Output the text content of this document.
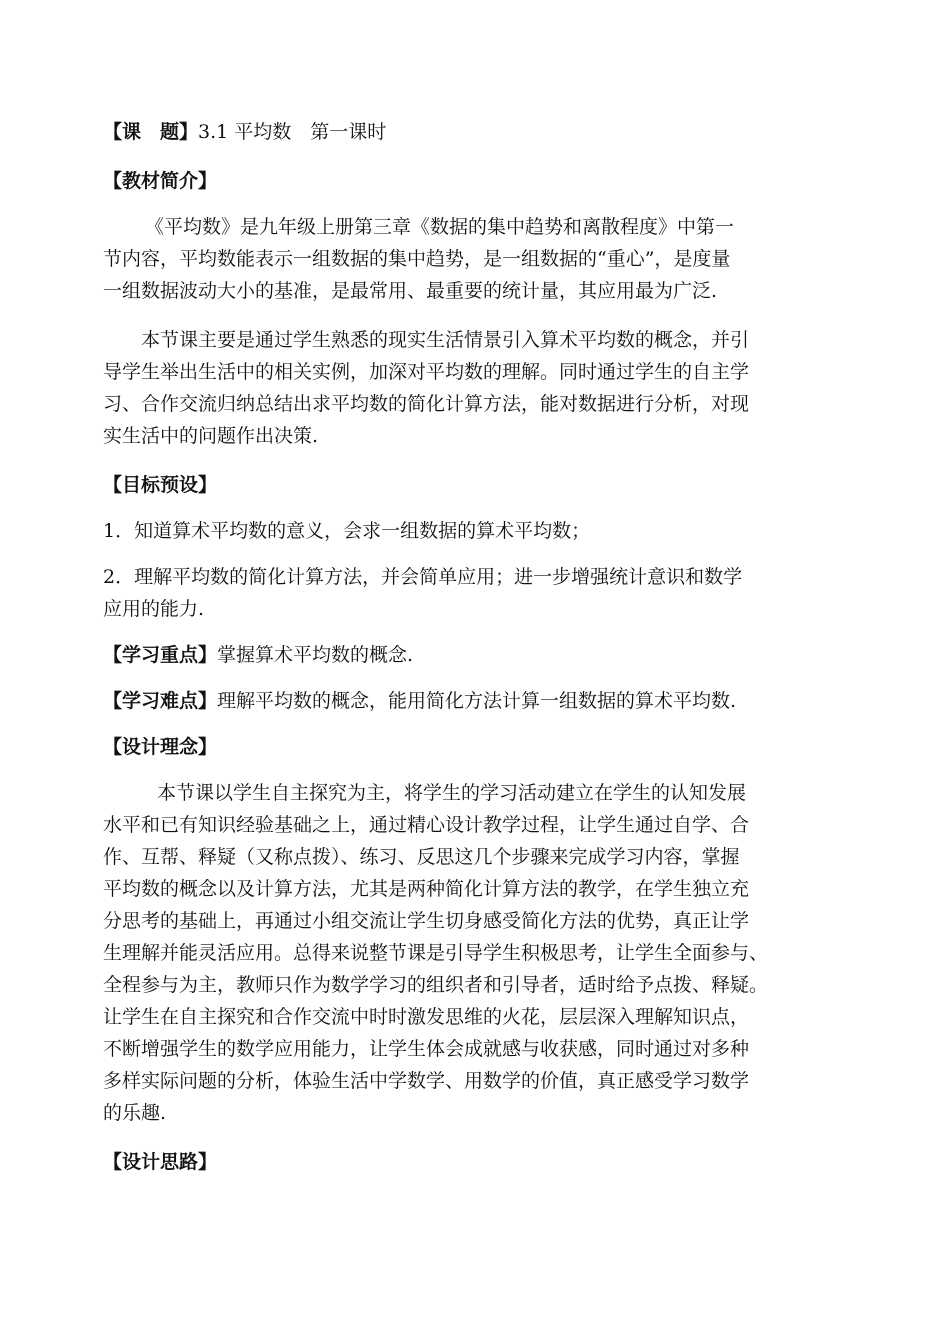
【课　题】3.1 平均数　第一课时

【教材简介】

《平均数》是九年级上册第三章《数据的集中趋势和离散程度》中第一
节内容，平均数能表示一组数据的集中趋势，是一组数据的“重心”，是度量
一组数据波动大小的基准，是最常用、最重要的统计量，其应用最为广泛.

本节课主要是通过学生熟悉的现实生活情景引入算术平均数的概念，并引
导学生举出生活中的相关实例，加深对平均数的理解。同时通过学生的自主学
习、合作交流归纳总结出求平均数的简化计算方法，能对数据进行分析，对现
实生活中的问题作出决策.

【目标预设】

1．知道算术平均数的意义，会求一组数据的算术平均数；

2．理解平均数的简化计算方法，并会简单应用；进一步增强统计意识和数学
应用的能力.

【学习重点】掌握算术平均数的概念.

【学习难点】理解平均数的概念，能用简化方法计算一组数据的算术平均数.

【设计理念】

本节课以学生自主探究为主，将学生的学习活动建立在学生的认知发展
水平和已有知识经验基础之上，通过精心设计教学过程，让学生通过自学、合
作、互帮、释疑（又称点拨）、练习、反思这几个步骤来完成学习内容，掌握
平均数的概念以及计算方法，尤其是两种简化计算方法的教学，在学生独立充
分思考的基础上，再通过小组交流让学生切身感受简化方法的优势，真正让学
生理解并能灵活应用。总得来说整节课是引导学生积极思考，让学生全面参与、
全程参与为主，教师只作为数学学习的组织者和引导者，适时给予点拨、释疑。
让学生在自主探究和合作交流中时时激发思维的火花，层层深入理解知识点，
不断增强学生的数学应用能力，让学生体会成就感与收获感，同时通过对多种
多样实际问题的分析，体验生活中学数学、用数学的价值，真正感受学习数学
的乐趣.

【设计思路】
